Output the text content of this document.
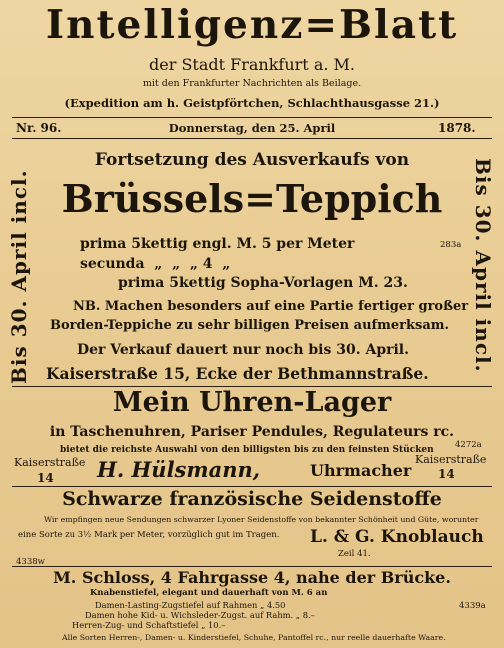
Intelligenz=Blatt
der Stadt Frankfurt a. M.
mit den Frankfurter Nachrichten als Beilage.
(Expedition am h. Geistpförtchen, Schlachthausgasse 21.)
Nr. 96.	Donnerstag, den 25. April	1878.
Bis 30. April incl.	Bis 30. April incl.
Fortsetzung des Ausverkaufs von
Brüssels=Teppich
prima 5kettig engl. M. 5 per Meter	283a
secunda  „  „  „ 4  „
prima 5kettig Sopha-Vorlagen M. 23.
NB. Machen besonders auf eine Partie fertiger großer
Borden-Teppiche zu sehr billigen Preisen aufmerksam.
Der Verkauf dauert nur noch bis 30. April.
Kaiserstraße 15, Ecke der Bethmannstraße.
Mein Uhren-Lager
in Taschenuhren, Pariser Pendules, Regulateurs rc.
bietet die reichste Auswahl von den billigsten bis zu den feinsten Stücken	4272a
Kaiserstraße
14 H. Hülsmann,	Uhrmacher
Kaiserstraße
14
Schwarze französische Seidenstoffe
Wir empfingen neue Sendungen schwarzer Lyoner Seidenstoffe von bekannter Schönheit und Güte, worunter
eine Sorte zu 3½ Mark per Meter, vorzüglich gut im Tragen. L. & G. Knoblauch
Zeil 41.
4338w
M. Schloss, 4 Fahrgasse 4, nahe der Brücke.
Knabenstiefel, elegant und dauerhaft von M. 6 an
Damen-Lasting-Zugstiefel auf Rahmen „ 4.50
Damen hohe Kid- u. Wichsleder-Zugst. auf Rahm. „ 8.–
Herren-Zug- und Schaftstiefel „ 10.–
4339a
Alle Sorten Herren-, Damen- u. Kinderstiefel, Schuhe, Pantoffel rc., nur reelle dauerhafte Waare.
